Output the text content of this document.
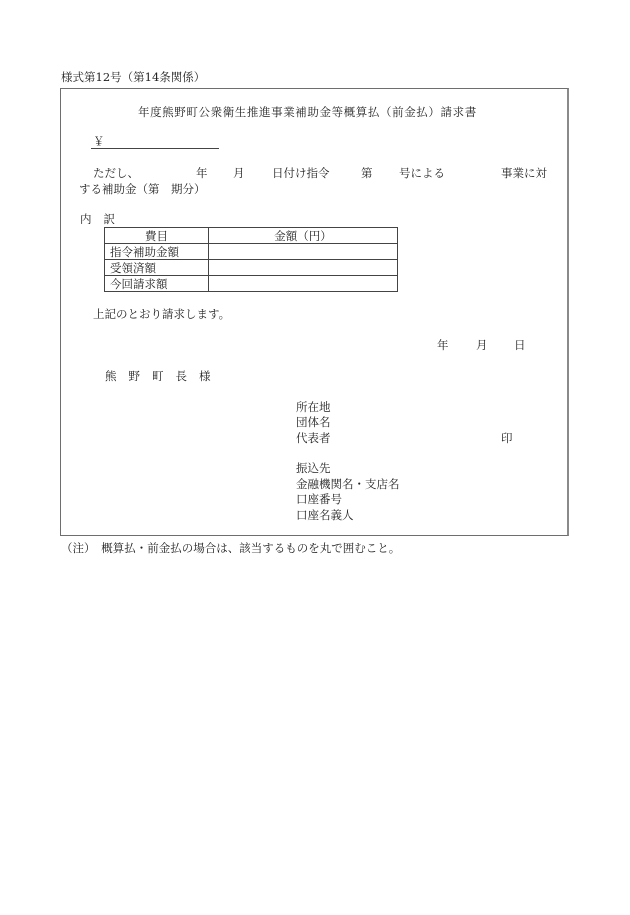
様式第12号（第14条関係）
年度熊野町公衆衛生推進事業補助金等概算払（前金払）請求書
￥
ただし、	年 月 日付け指令	第 号による	事業に対
する補助金（第　期分）
内 訳
費目	金額（円）
指令補助金額	
受領済額	
今回請求額	
上記のとおり請求します。
年 月 日
熊野町長様
所在地
団体名
代表者	印
振込先
金融機関名・支店名
口座番号
口座名義人
（注）　概算払・前金払の場合は、該当するものを丸で囲むこと。
